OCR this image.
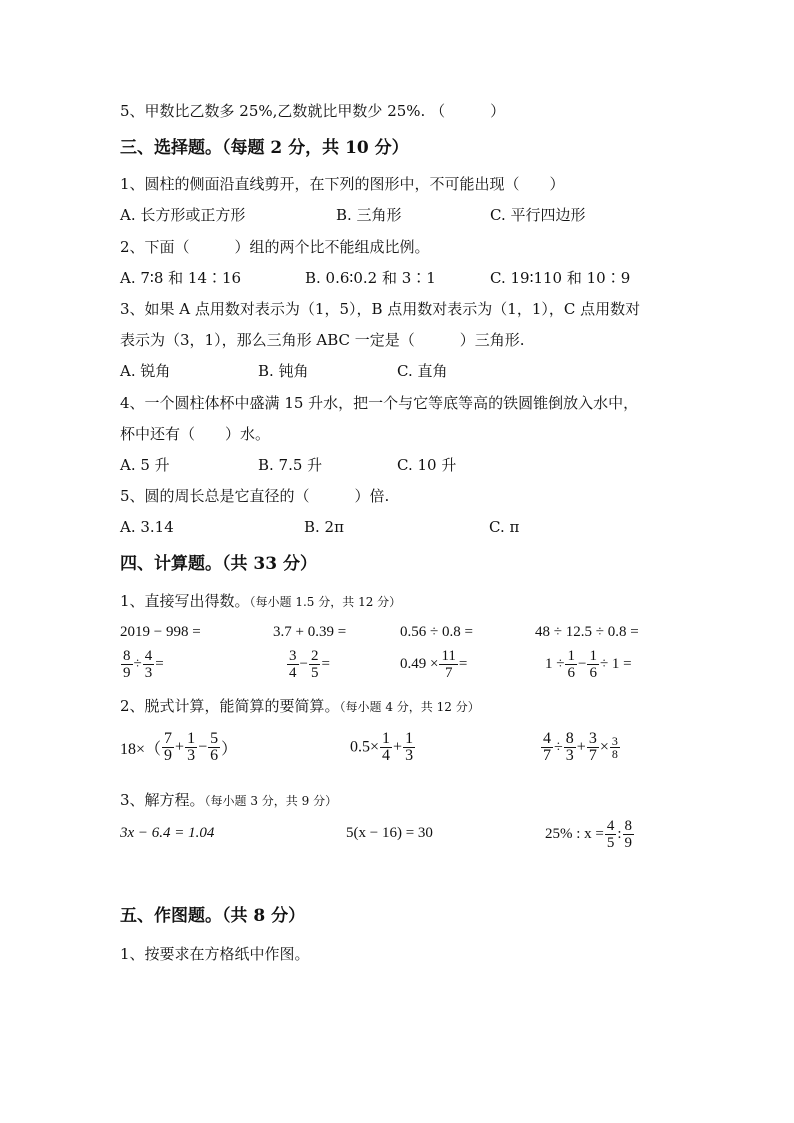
5、甲数比乙数多 25%,乙数就比甲数少 25%. （　　　）
三、选择题。（每题 2 分，共 10 分）
1、圆柱的侧面沿直线剪开，在下列的图形中，不可能出现（　　）
A. 长方形或正方形	B. 三角形	C. 平行四边形
2、下面（　　　）组的两个比不能组成比例。
A. 7∶8 和 14∶16	B. 0.6∶0.2 和 3∶1	C. 19∶110 和 10∶9
3、如果 A 点用数对表示为（1，5），B 点用数对表示为（1，1），C 点用数对
表示为（3，1），那么三角形 ABC 一定是（　　　）三角形.
A. 锐角	B. 钝角	C. 直角
4、一个圆柱体杯中盛满 15 升水，把一个与它等底等高的铁圆锥倒放入水中，
杯中还有（　　）水。
A. 5 升	B. 7.5 升	C. 10 升
5、圆的周长总是它直径的（　　　）倍.
A. 3.14	B. 2π	C. π
四、计算题。（共 33 分）
1、直接写出得数。（每小题 1.5 分，共 12 分）
2019 − 998 =	3.7 + 0.39 =	0.56 ÷ 0.8 =	48 ÷ 12.5 ÷ 0.8 =
$\frac{8}{9} \div \frac{4}{3}$ =	$\frac{3}{4} - \frac{2}{5}$ =	$0.49 \times \frac{11}{7}$ =	$1 \div \frac{1}{6} - \frac{1}{6} \div 1$ =
2、脱式计算，能简算的要简算。（每小题 4 分，共 12 分）
$18\times( \frac{7}{9} + \frac{1}{3} - \frac{5}{6}$ ）	$0.5\times \frac{1}{4} + \frac{1}{3}$	$\frac{4}{7} \div \frac{8}{3} + \frac{3}{7} \times \frac{3}{8}$
3、解方程。（每小题 3 分，共 9 分）
3x − 6.4 = 1.04	5(x − 16) = 30	25% : $x = \frac{4}{5}$ : $\frac{8}{9}$
五、作图题。（共 8 分）
1、按要求在方格纸中作图。
